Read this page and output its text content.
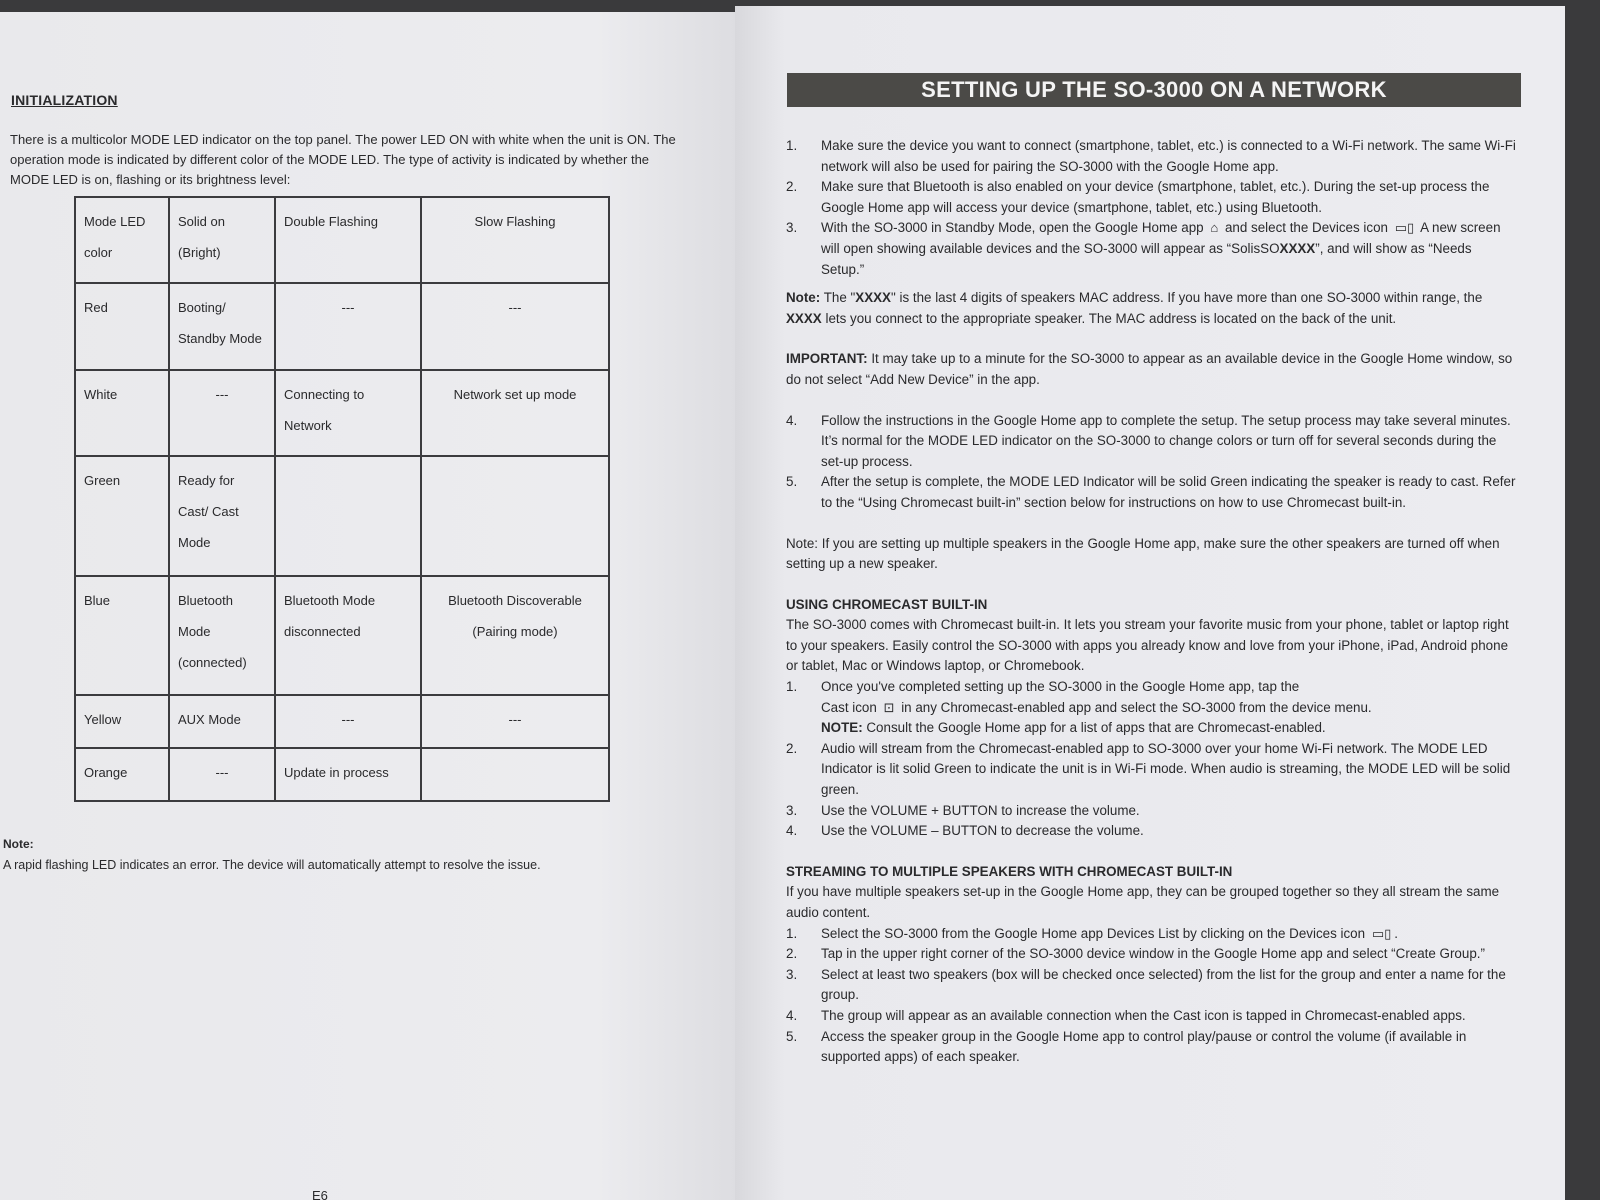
INITIALIZATION
There is a multicolor MODE LED indicator on the top panel. The power LED ON with white when the unit is ON. The operation mode is indicated by different color of the MODE LED. The type of activity is indicated by whether the MODE LED is on, flashing or its brightness level:
Mode LED color	Solid on (Bright)	Double Flashing	Slow Flashing
Red	Booting/ Standby Mode	---	---
White	---	Connecting to Network	Network set up mode
Green	Ready for Cast/ Cast Mode		
Blue	Bluetooth Mode (connected)	Bluetooth Mode disconnected	Bluetooth Discoverable (Pairing mode)
Yellow	AUX Mode	---	---
Orange	---	Update in process	
Note:
A rapid flashing LED indicates an error. The device will automatically attempt to resolve the issue.
E6
SETTING UP THE SO-3000 ON A NETWORK
1.	Make sure the device you want to connect (smartphone, tablet, etc.) is connected to a Wi-Fi network. The same Wi-Fi network will also be used for pairing the SO-3000 with the Google Home app.
2.	Make sure that Bluetooth is also enabled on your device (smartphone, tablet, etc.). During the set-up process the Google Home app will access your device (smartphone, tablet, etc.) using Bluetooth.
3.	With the SO-3000 in Standby Mode, open the Google Home app ⌂ and select the Devices icon ▭▯ A new screen will open showing available devices and the SO-3000 will appear as “SolisSOXXXX”, and will show as “Needs Setup.”

Note: The "XXXX" is the last 4 digits of speakers MAC address. If you have more than one SO-3000 within range, the XXXX lets you connect to the appropriate speaker. The MAC address is located on the back of the unit.

IMPORTANT: It may take up to a minute for the SO-3000 to appear as an available device in the Google Home window, so do not select “Add New Device” in the app.

4.	Follow the instructions in the Google Home app to complete the setup. The setup process may take several minutes. It’s normal for the MODE LED indicator on the SO-3000 to change colors or turn off for several seconds during the set-up process.
5.	After the setup is complete, the MODE LED Indicator will be solid Green indicating the speaker is ready to cast. Refer to the “Using Chromecast built-in” section below for instructions on how to use Chromecast built-in.

Note: If you are setting up multiple speakers in the Google Home app, make sure the other speakers are turned off when setting up a new speaker.

USING CHROMECAST BUILT-IN

The SO-3000 comes with Chromecast built-in. It lets you stream your favorite music from your phone, tablet or laptop right to your speakers. Easily control the SO-3000 with apps you already know and love from your iPhone, iPad, Android phone or tablet, Mac or Windows laptop, or Chromebook.

1.	Once you've completed setting up the SO-3000 in the Google Home app, tap the
Cast icon ⊡ in any Chromecast-enabled app and select the SO-3000 from the device menu.
NOTE: Consult the Google Home app for a list of apps that are Chromecast-enabled.
2.	Audio will stream from the Chromecast-enabled app to SO-3000 over your home Wi-Fi network. The MODE LED Indicator is lit solid Green to indicate the unit is in Wi-Fi mode. When audio is streaming, the MODE LED will be solid green.
3.	Use the VOLUME + BUTTON to increase the volume.
4.	Use the VOLUME – BUTTON to decrease the volume.

STREAMING TO MULTIPLE SPEAKERS WITH CHROMECAST BUILT-IN

If you have multiple speakers set-up in the Google Home app, they can be grouped together so they all stream the same audio content.

1.	Select the SO-3000 from the Google Home app Devices List by clicking on the Devices icon ▭▯ .
2.	Tap in the upper right corner of the SO-3000 device window in the Google Home app and select “Create Group.”
3.	Select at least two speakers (box will be checked once selected) from the list for the group and enter a name for the group.
4.	The group will appear as an available connection when the Cast icon is tapped in Chromecast-enabled apps.
5.	Access the speaker group in the Google Home app to control play/pause or control the volume (if available in supported apps) of each speaker.
